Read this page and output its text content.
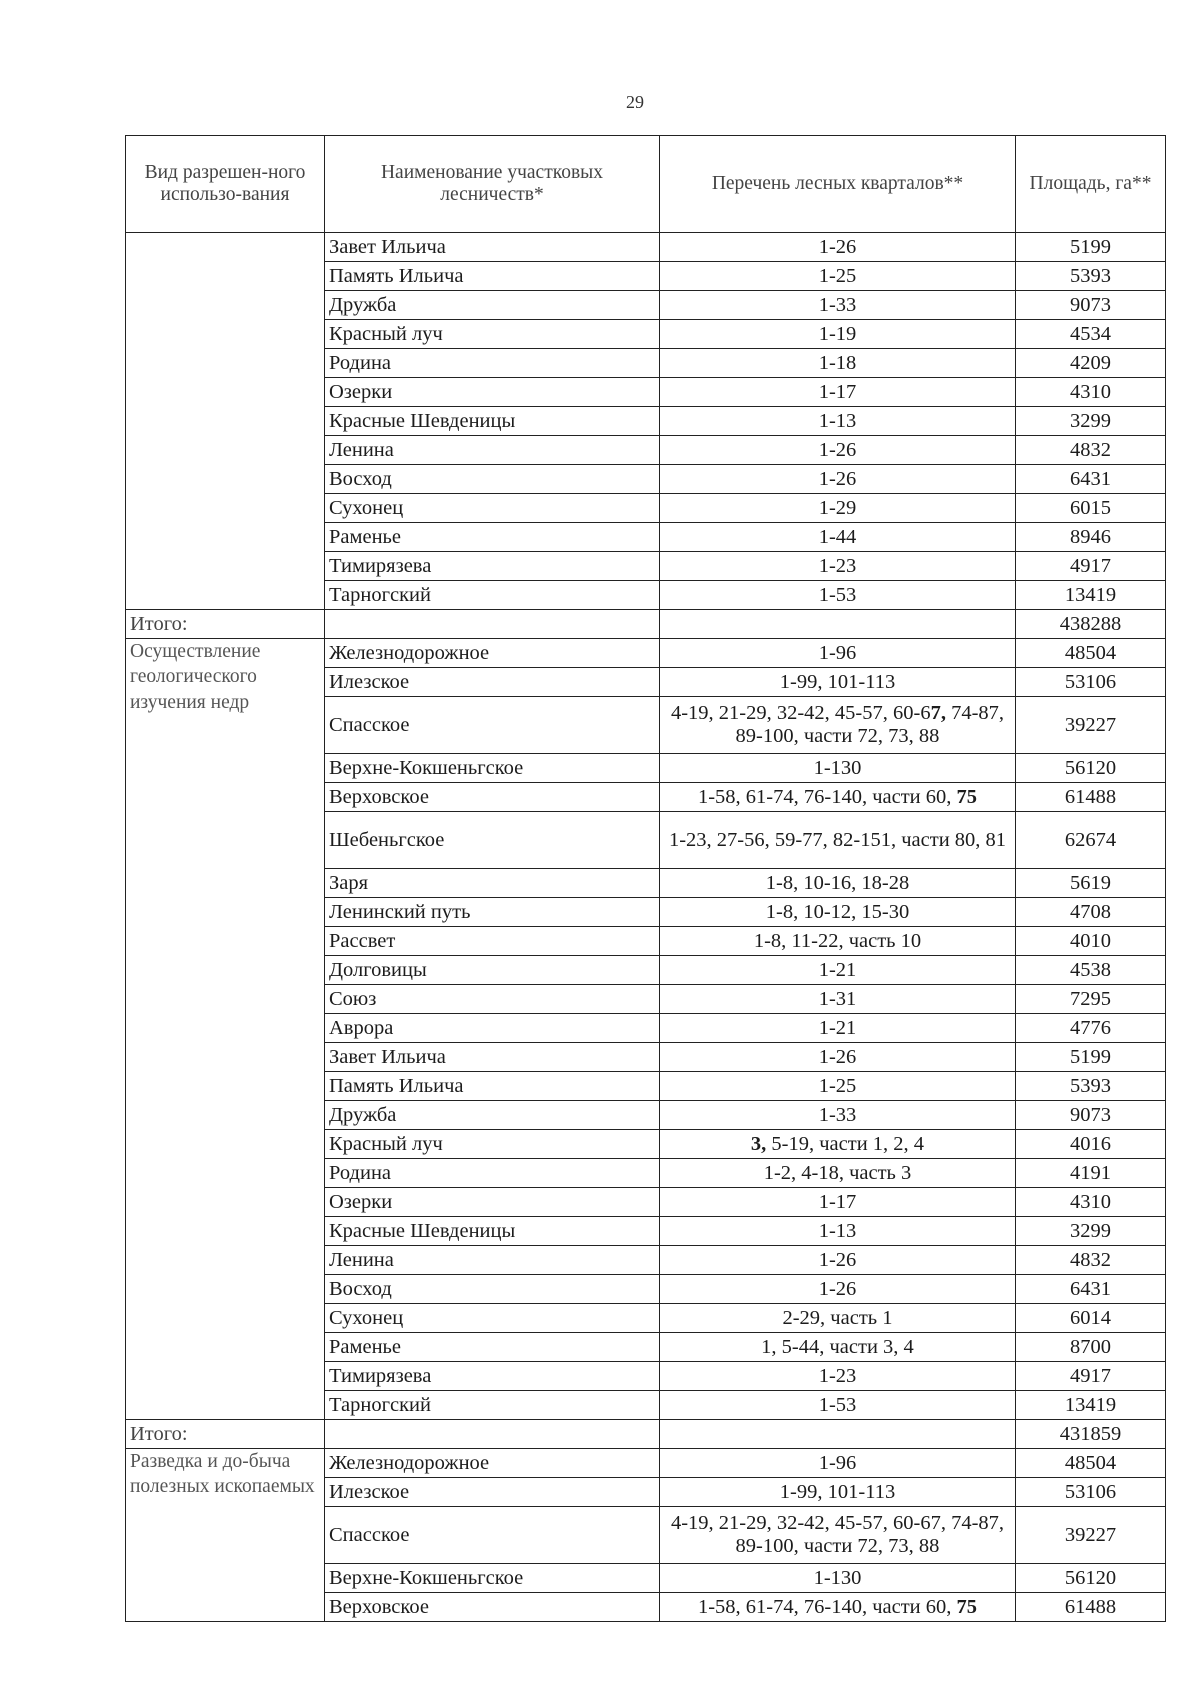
29
Вид разрешен-ного использо-вания	Наименование участковых лесничеств*	Перечень лесных кварталов**	Площадь, га**
	Завет Ильича	1-26	5199
	Память Ильича	1-25	5393
	Дружба	1-33	9073
	Красный луч	1-19	4534
	Родина	1-18	4209
	Озерки	1-17	4310
	Красные Шевденицы	1-13	3299
	Ленина	1-26	4832
	Восход	1-26	6431
	Сухонец	1-29	6015
	Раменье	1-44	8946
	Тимирязева	1-23	4917
	Тарногский	1-53	13419
Итого:			438288
Осуществление геологического изучения недр	Железнодорожное	1-96	48504
	Илезское	1-99, 101-113	53106
	Спасское	4-19, 21-29, 32-42, 45-57, 60-67, 74-87, 89-100, части 72, 73, 88	39227
	Верхне-Кокшеньгское	1-130	56120
	Верховское	1-58, 61-74, 76-140, части 60, 75	61488
	Шебеньгское	1-23, 27-56, 59-77, 82-151, части 80, 81	62674
	Заря	1-8, 10-16, 18-28	5619
	Ленинский путь	1-8, 10-12, 15-30	4708
	Рассвет	1-8, 11-22, часть 10	4010
	Долговицы	1-21	4538
	Союз	1-31	7295
	Аврора	1-21	4776
	Завет Ильича	1-26	5199
	Память Ильича	1-25	5393
	Дружба	1-33	9073
	Красный луч	3, 5-19, части 1, 2, 4	4016
	Родина	1-2, 4-18, часть 3	4191
	Озерки	1-17	4310
	Красные Шевденицы	1-13	3299
	Ленина	1-26	4832
	Восход	1-26	6431
	Сухонец	2-29, часть 1	6014
	Раменье	1, 5-44, части 3, 4	8700
	Тимирязева	1-23	4917
	Тарногский	1-53	13419
Итого:			431859
Разведка и до-быча полезных ископаемых	Железнодорожное	1-96	48504
	Илезское	1-99, 101-113	53106
	Спасское	4-19, 21-29, 32-42, 45-57, 60-67, 74-87, 89-100, части 72, 73, 88	39227
	Верхне-Кокшеньгское	1-130	56120
	Верховское	1-58, 61-74, 76-140, части 60, 75	61488
